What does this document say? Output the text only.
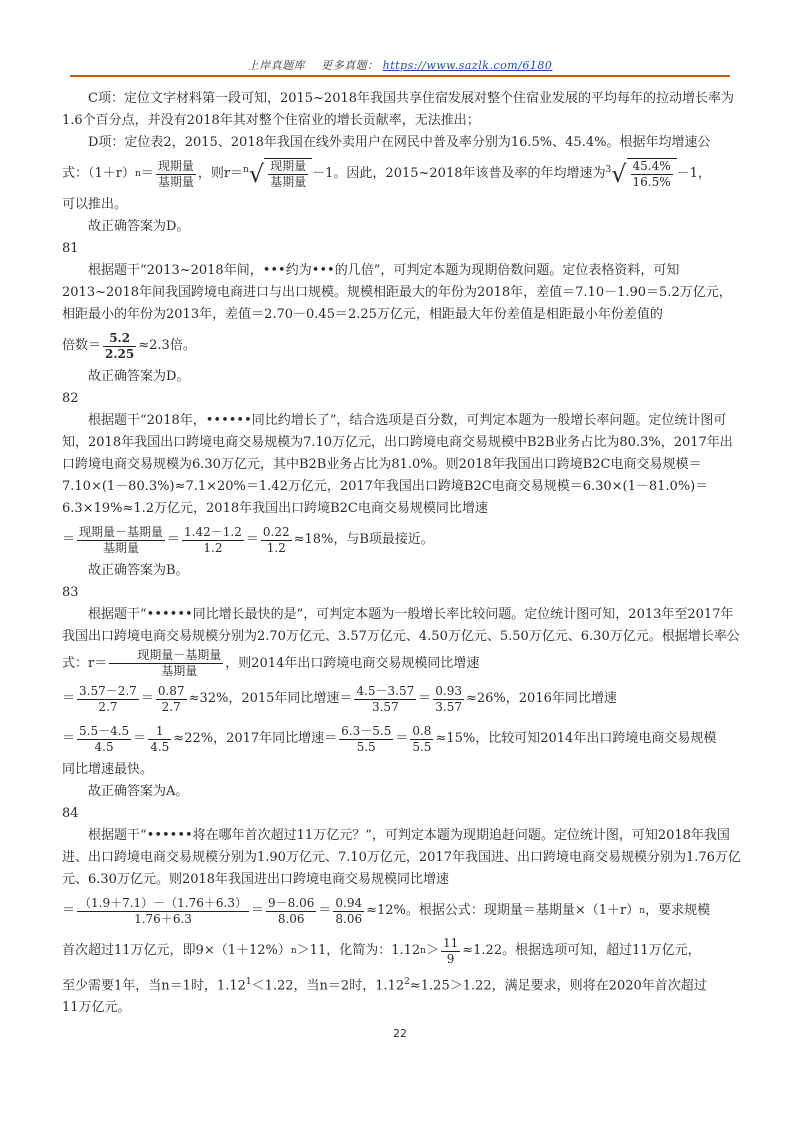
上岸真题库 更多真题： https://www.sazlk.com/6180

C项：定位文字材料第一段可知，2015~2018年我国共享住宿发展对整个住宿业发展的平均每年的拉动增长率为1.6个百分点，并没有2018年其对整个住宿业的增长贡献率，无法推出；

D项：定位表2，2015、2018年我国在线外卖用户在网民中普及率分别为16.5%、45.4%。根据年均增速公

式：（1＋r） $n = \frac{\text{现期量}}{\text{基期量}}$ ，则$r= ^n√ \frac{\text{现期量}}{\text{基期量}} -1$。因此，2015~2018年该普及率的年均增速为 $^3√ \frac{45.4\%}{16.5\%} -1$，

可以推出。

故正确答案为D。

81

根据题干“2013~2018年间，•••约为•••的几倍”，可判定本题为现期倍数问题。定位表格资料，可知2013~2018年间我国跨境电商进口与出口规模。规模相距最大的年份为2018年，差值＝7.10－1.90＝5.2万亿元，相距最小的年份为2013年，差值＝2.70－0.45＝2.25万亿元，相距最大年份差值是相距最小年份差值的

倍数＝ $\frac{5.2}{2.25} \approx 2.3$倍。

故正确答案为D。

82

根据题干“2018年，••••••同比约增长了”，结合选项是百分数，可判定本题为一般增长率问题。定位统计图可知，2018年我国出口跨境电商交易规模为7.10万亿元，出口跨境电商交易规模中B2B业务占比为80.3%，2017年出口跨境电商交易规模为6.30万亿元，其中B2B业务占比为81.0%。则2018年我国出口跨境B2C电商交易规模＝7.10×(1－80.3%)≈7.1×20%＝1.42万亿元，2017年我国出口跨境B2C电商交易规模＝6.30×(1－81.0%)＝6.3×19%≈1.2万亿元，2018年我国出口跨境B2C电商交易规模同比增速

＝ $\frac{\text{现期量－基期量}}{\text{基期量}} = \frac{1.42-1.2}{1.2} = \frac{0.22}{1.2} \approx 18\%$，与B项最接近。

故正确答案为B。

83

根据题干“••••••同比增长最快的是”，可判定本题为一般增长率比较问题。定位统计图可知，2013年至2017年我国出口跨境电商交易规模分别为2.70万亿元、3.57万亿元、4.50万亿元、5.50万亿元、6.30万亿元。根据增长率公式：$r= \frac{\text{现期量－基期量}}{\text{基期量}}$ ，则2014年出口跨境电商交易规模同比增速

＝ $\frac{3.57-2.7}{2.7} = \frac{0.87}{2.7} \approx 32\%$，2015年同比增速＝ $\frac{4.5-3.57}{3.57} = \frac{0.93}{3.57} \approx 26\%$，2016年同比增速
＝ $\frac{5.5-4.5}{4.5} = \frac{1}{4.5} \approx 22\%$，2017年同比增速＝ $\frac{6.3-5.5}{5.5} = \frac{0.8}{5.5} \approx 15\%$，比较可知2014年出口跨境电商交易规模

同比增速最快。

故正确答案为A。

84

根据题干“••••••将在哪年首次超过11万亿元？”，可判定本题为现期追赶问题。定位统计图，可知2018年我国进、出口跨境电商交易规模分别为1.90万亿元、7.10万亿元，2017年我国进、出口跨境电商交易规模分别为1.76万亿元、6.30万亿元。则2018年我国进出口跨境电商交易规模同比增速

＝ $\frac{(1.9+7.1)-(1.76+6.3)}{1.76+6.3} = \frac{9-8.06}{8.06} = \frac{0.94}{8.06} \approx 12\%$。根据公式：现期量＝基期量×（1＋r） n ，要求规模
首次超过11万亿元，即9×（1＋12%） n ＞11，化简为：1.12 $n > \frac{11}{9} \approx 1.22$。根据选项可知，超过11万亿元，

至少需要1年，当n＝1时，$1.12^1<1.22$，当n＝2时，$1.12^2\approx 1.25>1.22$，满足要求，则将在2020年首次超过

11万亿元。

22
